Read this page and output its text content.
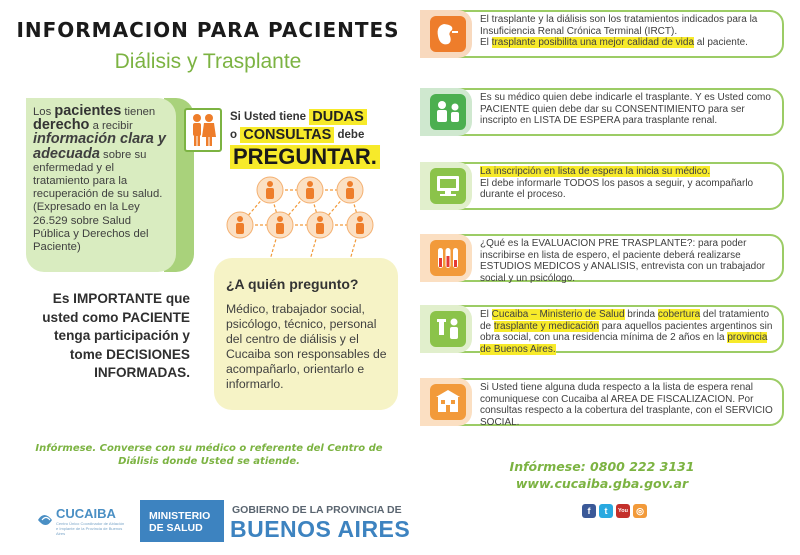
INFORMACION PARA PACIENTES
Diálisis y Trasplante

Los pacientes tienen derecho a recibir información clara y adecuada sobre su enfermedad y el tratamiento para la recuperación de su salud. (Expresado en la Ley 26.529 sobre Salud Pública y Derechos del Paciente)

Si Usted tiene
DUDAS
o
CONSULTAS
debe
PREGUNTAR.
¿A quién pregunto?
Médico, trabajador social, psicólogo, técnico, personal del centro de diálisis y el Cucaiba son responsables de acompañarlo, orientarlo e informarlo.
Es IMPORTANTE que usted como PACIENTE tenga participación y tome DECISIONES INFORMADAS.
Infórmese. Converse con su médico o referente del Centro de Diálisis donde Usted se atiende.
CUCAIBA
Centro Único Coordinador de Ablación e Implante de la Provincia de Buenos Aires
MINISTERIO DE SALUD
GOBIERNO DE LA PROVINCIA DE
BUENOS AIRES
El trasplante y la diálisis son los tratamientos indicados para la Insuficiencia Renal Crónica Terminal (IRCT).
El trasplante posibilita una mejor calidad de vida al paciente.
Es su médico quien debe indicarle el trasplante. Y es Usted como PACIENTE quien debe dar su CONSENTIMIENTO para ser inscripto en LISTA DE ESPERA para trasplante renal.
La inscripción en lista de espera la inicia su médico.
El debe informarle TODOS los pasos a seguir, y acompañarlo durante el proceso.
¿Qué es la EVALUACION PRE TRASPLANTE?: para poder inscribirse en lista de espero, el paciente deberá realizarse ESTUDIOS MEDICOS y ANALISIS, entrevista con un trabajador social y un psicólogo.
El Cucaiba – Ministerio de Salud brinda cobertura del tratamiento de trasplante y medicación para aquellos pacientes argentinos sin obra social, con una residencia mínima de 2 años en la provincia de Buenos Aires.
Si Usted tiene alguna duda respecto a la lista de espera renal comuniquese con Cucaiba al AREA DE FISCALIZACION. Por consultas respecto a la cobertura del trasplante, con el SERVICIO SOCIAL.
Infórmese: 0800 222 3131
www.cucaiba.gba.gov.ar
f	t	You ◎
